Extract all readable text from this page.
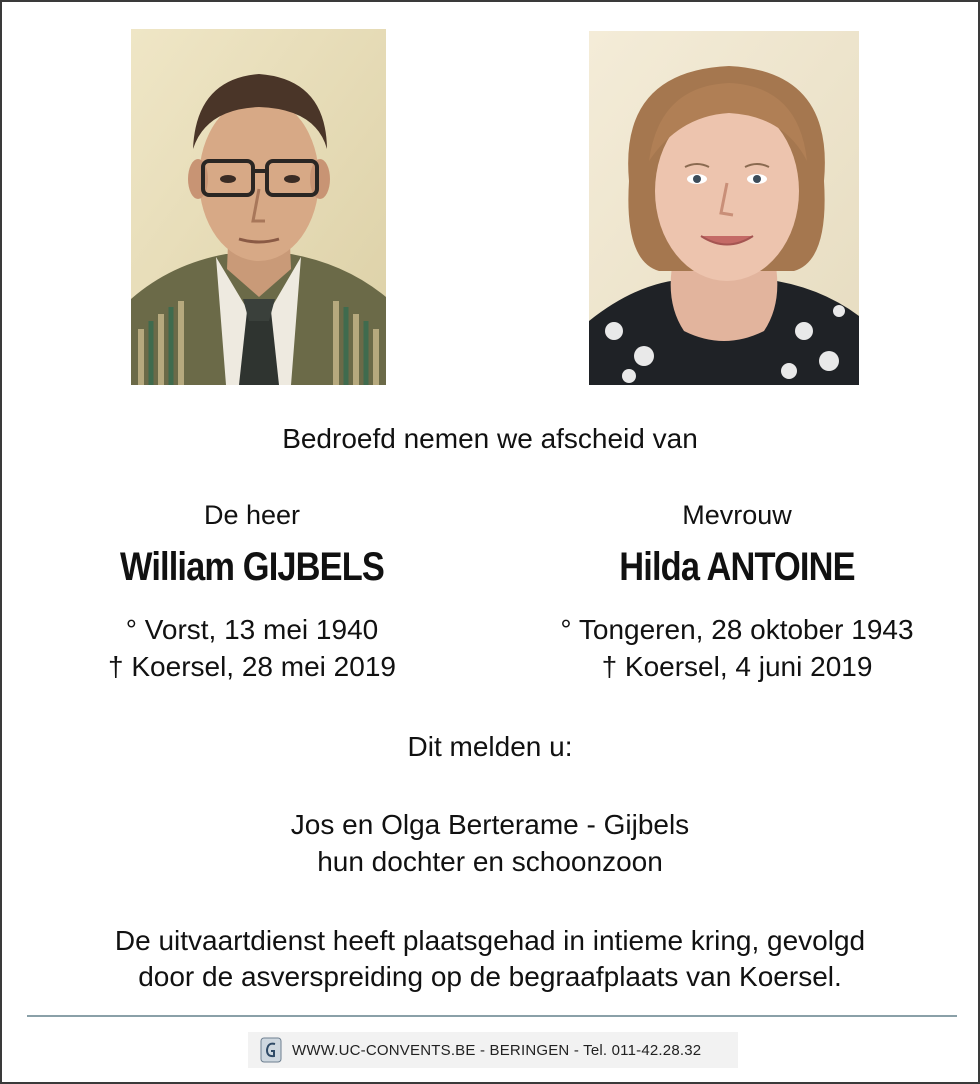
Bedroefd nemen we afscheid van
De heer
William GIJBELS
° Vorst, 13 mei 1940
† Koersel, 28 mei 2019
Mevrouw
Hilda ANTOINE
° Tongeren, 28 oktober 1943
† Koersel, 4 juni 2019
Dit melden u:
Jos en Olga Berterame - Gijbels
hun dochter en schoonzoon
De uitvaartdienst heeft plaatsgehad in intieme kring, gevolgd
door de asverspreiding op de begraafplaats van Koersel.
WWW.UC-CONVENTS.BE - BERINGEN - Tel. 011-42.28.32
